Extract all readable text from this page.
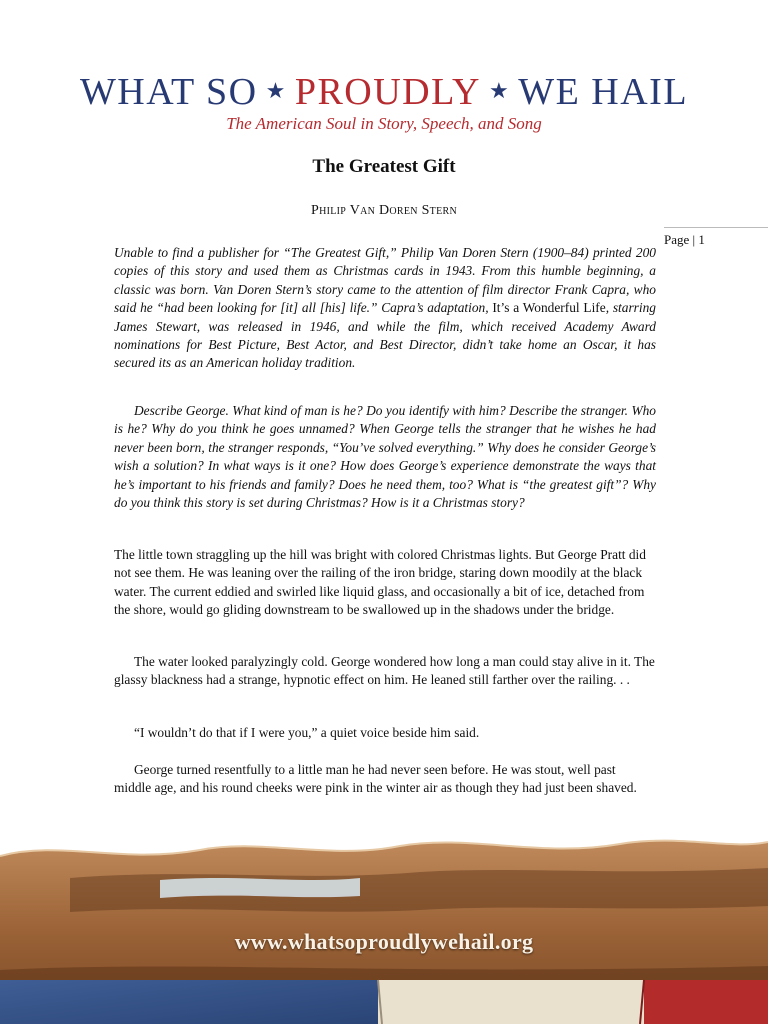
WHAT SO ★ PROUDLY ★ WE HAIL
The American Soul in Story, Speech, and Song
The Greatest Gift
Philip Van Doren Stern
Page | 1

Unable to find a publisher for “The Greatest Gift,” Philip Van Doren Stern (1900–84) printed 200 copies of this story and used them as Christmas cards in 1943. From this humble beginning, a classic was born. Van Doren Stern’s story came to the attention of film director Frank Capra, who said he “had been looking for [it] all [his] life.” Capra’s adaptation, It’s a Wonderful Life, starring James Stewart, was released in 1946, and while the film, which received Academy Award nominations for Best Picture, Best Actor, and Best Director, didn’t take home an Oscar, it has secured its as an American holiday tradition.

Describe George. What kind of man is he? Do you identify with him? Describe the stranger. Who is he? Why do you think he goes unnamed? When George tells the stranger that he wishes he had never been born, the stranger responds, “You’ve solved everything.” Why does he consider George’s wish a solution? In what ways is it one? How does George’s experience demonstrate the ways that he’s important to his friends and family? Does he need them, too? What is “the greatest gift”? Why do you think this story is set during Christmas? How is it a Christmas story?

The little town straggling up the hill was bright with colored Christmas lights. But George Pratt did not see them. He was leaning over the railing of the iron bridge, staring down moodily at the black water. The current eddied and swirled like liquid glass, and occasionally a bit of ice, detached from the shore, would go gliding downstream to be swallowed up in the shadows under the bridge.

The water looked paralyzingly cold. George wondered how long a man could stay alive in it. The glassy blackness had a strange, hypnotic effect on him. He leaned still farther over the railing. . .

“I wouldn’t do that if I were you,” a quiet voice beside him said.

George turned resentfully to a little man he had never seen before. He was stout, well past middle age, and his round cheeks were pink in the winter air as though they had just been shaved.

www.whatsoproudlywehail.org
